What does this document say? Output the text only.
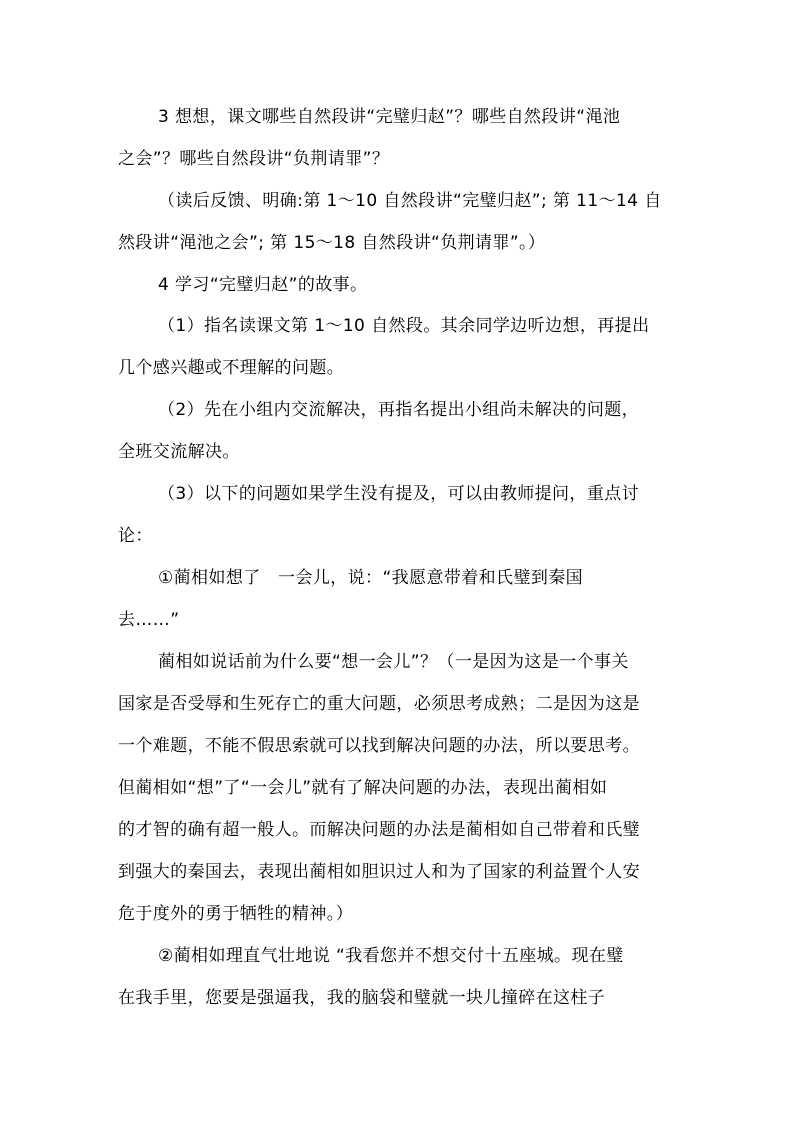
3 想想，课文哪些自然段讲“完璧归赵”？哪些自然段讲“渑池
之会”？哪些自然段讲“负荆请罪”？
（读后反馈、明确:第 1～10 自然段讲“完璧归赵”; 第 11～14 自
然段讲“渑池之会”; 第 15～18 自然段讲“负荆请罪”。）
4 学习“完璧归赵”的故事。
（1）指名读课文第 1～10 自然段。其余同学边听边想，再提出
几个感兴趣或不理解的问题。
（2）先在小组内交流解决，再指名提出小组尚未解决的问题，
全班交流解决。
（3）以下的问题如果学生没有提及，可以由教师提问，重点讨
论：
①蔺相如想了　一会儿，说：“我愿意带着和氏璧到秦国
去……”
蔺相如说话前为什么要“想一会儿”？（一是因为这是一个事关
国家是否受辱和生死存亡的重大问题，必须思考成熟；二是因为这是
一个难题，不能不假思索就可以找到解决问题的办法，所以要思考。
但蔺相如“想”了“一会儿”就有了解决问题的办法，表现出蔺相如
的才智的确有超一般人。而解决问题的办法是蔺相如自己带着和氏璧
到强大的秦国去，表现出蔺相如胆识过人和为了国家的利益置个人安
危于度外的勇于牺牲的精神。）
②蔺相如理直气壮地说 “我看您并不想交付十五座城。现在璧
在我手里，您要是强逼我，我的脑袋和璧就一块儿撞碎在这柱子
